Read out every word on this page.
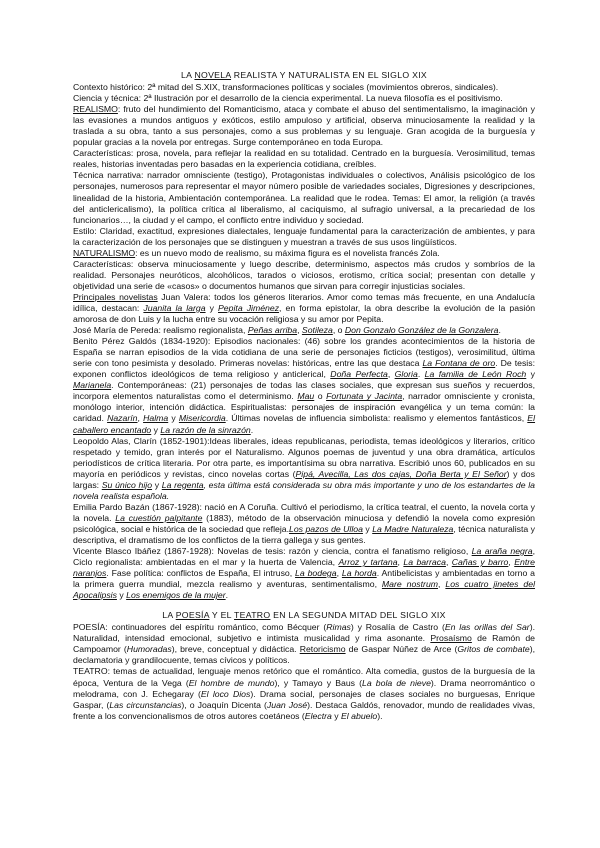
LA NOVELA REALISTA Y NATURALISTA EN EL SIGLO XIX

Contexto histórico: 2ª mitad del S.XIX, transformaciones políticas y sociales (movimientos obreros, sindicales).

Ciencia y técnica: 2ª Ilustración por el desarrollo de la ciencia experimental. La nueva filosofía es el positivismo.

REALISMO: fruto del hundimiento del Romanticismo, ataca y combate el abuso del sentimentalismo, la imaginación y las evasiones a mundos antiguos y exóticos, estilo ampuloso y artificial, observa minuciosamente la realidad y la traslada a su obra, tanto a sus personajes, como a sus problemas y su lenguaje. Gran acogida de la burguesía y popular gracias a la novela por entregas. Surge contemporáneo en toda Europa.

Características: prosa, novela, para reflejar la realidad en su totalidad. Centrado en la burguesía. Verosimilitud, temas reales, historias inventadas pero basadas en la experiencia cotidiana, creíbles.

Técnica narrativa: narrador omnisciente (testigo), Protagonistas individuales o colectivos, Análisis psicológico de los personajes, numerosos para representar el mayor número posible de variedades sociales, Digresiones y descripciones, linealidad de la historia, Ambientación contemporánea. La realidad que le rodea. Temas: El amor, la religión (a través del anticlericalismo), la política crítica al liberalismo, al caciquismo, al sufragio universal, a la precariedad de los funcionarios…, la ciudad y el campo, el conflicto entre individuo y sociedad.

Estilo: Claridad, exactitud, expresiones dialectales, lenguaje fundamental para la caracterización de ambientes, y para la caracterización de los personajes que se distinguen y muestran a través de sus usos lingüísticos.

NATURALISMO: es un nuevo modo de realismo, su máxima figura es el novelista francés Zola.

Características: observa minuciosamente y luego describe, determinismo, aspectos más crudos y sombríos de la realidad. Personajes neuróticos, alcohólicos, tarados o viciosos, erotismo, crítica social; presentan con detalle y objetividad una serie de «casos» o documentos humanos que sirvan para corregir injusticias sociales.

Principales novelistas Juan Valera: todos los géneros literarios. Amor como temas más frecuente, en una Andalucía idílica, destacan: Juanita la larga y Pepita Jiménez, en forma epistolar, la obra describe la evolución de la pasión amorosa de don Luis y la lucha entre su vocación religiosa y su amor por Pepita.

José María de Pereda: realismo regionalista, Peñas arriba, Sotileza, o Don Gonzalo González de la Gonzalera.

Benito Pérez Galdós (1834-1920): Episodios nacionales: (46) sobre los grandes acontecimientos de la historia de España se narran episodios de la vida cotidiana de una serie de personajes ficticios (testigos), verosimilitud, última serie con tono pesimista y desolado. Primeras novelas: históricas, entre las que destaca La Fontana de oro. De tesis: exponen conflictos ideológicos de tema religioso y anticlerical, Doña Perfecta, Gloria. La familia de León Roch y Marianela. Contemporáneas: (21) personajes de todas las clases sociales, que expresan sus sueños y recuerdos, incorpora elementos naturalistas como el determinismo. Mau o Fortunata y Jacinta, narrador omnisciente y cronista, monólogo interior, intención didáctica. Espiritualistas: personajes de inspiración evangélica y un tema común: la caridad. Nazarín, Halma y Misericordia. Últimas novelas de influencia simbolista: realismo y elementos fantásticos, El caballero encantado y La razón de la sinrazón.

Leopoldo Alas, Clarín (1852-1901):Ideas liberales, ideas republicanas, periodista, temas ideológicos y literarios, crítico respetado y temido, gran interés por el Naturalismo. Algunos poemas de juventud y una obra dramática, artículos periodísticos de crítica literaria. Por otra parte, es importantísima su obra narrativa. Escribió unos 60, publicados en su mayoría en periódicos y revistas, cinco novelas cortas (Pipá, Avecilla, Las dos cajas, Doña Berta y El Señor) y dos largas: Su único hijo y La regenta, esta última está considerada su obra más importante y uno de los estandartes de la novela realista española.

Emilia Pardo Bazán (1867-1928): nació en A Coruña. Cultivó el periodismo, la crítica teatral, el cuento, la novela corta y la novela. La cuestión palpitante (1883), método de la observación minuciosa y defendió la novela como expresión psicológica, social e histórica de la sociedad que refleja.Los pazos de Ulloa y La Madre Naturaleza, técnica naturalista y descriptiva, el dramatismo de los conflictos de la tierra gallega y sus gentes.

Vicente Blasco Ibáñez (1867-1928): Novelas de tesis: razón y ciencia, contra el fanatismo religioso, La araña negra, Ciclo regionalista: ambientadas en el mar y la huerta de Valencia, Arroz y tartana, La barraca, Cañas y barro, Entre naranjos. Fase política: conflictos de España, El intruso, La bodega, La horda. Antibelicistas y ambientadas en torno a la primera guerra mundial, mezcla realismo y aventuras, sentimentalismo, Mare nostrum, Los cuatro jinetes del Apocalipsis y Los enemigos de la mujer.

LA POESÍA Y EL TEATRO EN LA SEGUNDA MITAD DEL SIGLO XIX

POESÍA: continuadores del espíritu romántico, como Bécquer (Rimas) y Rosalía de Castro (En las orillas del Sar). Naturalidad, intensidad emocional, subjetivo e intimista musicalidad y rima asonante. Prosaísmo de Ramón de Campoamor (Humoradas), breve, conceptual y didáctica. Retoricismo de Gaspar Núñez de Arce (Gritos de combate), declamatoria y grandilocuente, temas cívicos y políticos.

TEATRO: temas de actualidad, lenguaje menos retórico que el romántico. Alta comedia, gustos de la burguesía de la época, Ventura de la Vega (El hombre de mundo), y Tamayo y Baus (La bola de nieve). Drama neorromántico o melodrama, con J. Echegaray (El loco Dios). Drama social, personajes de clases sociales no burguesas, Enrique Gaspar, (Las circunstancias), o Joaquín Dicenta (Juan José). Destaca Galdós, renovador, mundo de realidades vivas, frente a los convencionalismos de otros autores coetáneos (Electra y El abuelo).
